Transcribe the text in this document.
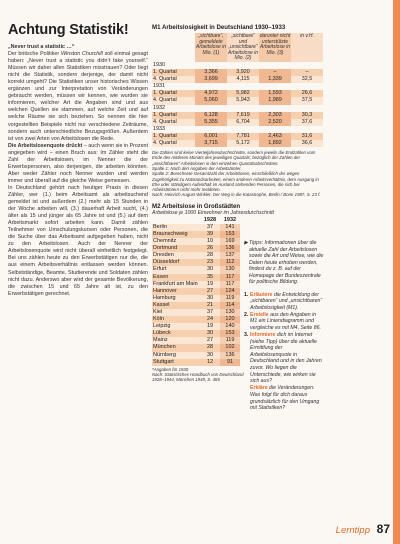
Achtung Statistik!

„Never trust a statistic …“
Der britische Politiker Winston Churchill soll einmal gesagt haben: „Never trust a statistic you didn’t fake yourself.“ Müssen wir daher allen Statistiken misstrauen? Oder liegt nicht die Statistik, sondern derjenige, der damit nicht korrekt umgeht? Die Statistiken unser historisches Wissen ergänzen und zur Interpretation von Veränderungen gebraucht werden, müssen wir kennen, wie wurden sie informieren, welcher Art die Angaben sind und aus welchen Quellen sie stammen, auf welche Zeit und auf welche Räume sie sich beziehen. So nennen die hier vorgestellten Beispiele nicht nur verschiedene Zeiträume, sondern auch unterschiedliche Bezugsgrößen. Außerdem ist von zwei Arten von Arbeitslosen die Rede.

Die Arbeitslosenquote drückt – auch wenn sie in Prozent angegeben wird – einen Bruch aus: Im Zähler steht die Zahl der Arbeitslosen, im Nenner die der Erwerbspersonen, also derjenigen, die arbeiten könnten. Aber weder Zähler noch Nenner wurden und werden immer und überall auf die gleiche Weise gemessen.

In Deutschland gehört nach heutiger Praxis in diesen Zähler, wer (1.) beim Arbeitsamt als arbeitsuchend gemeldet ist und außerdem (2.) mehr als 15 Stunden in der Woche arbeiten will, (3.) dauerhaft Arbeit sucht, (4.) älter als 15 und jünger als 65 Jahre ist und (5.) auf dem Arbeitsmarkt sofort arbeiten kann. Damit zählen Teilnehmer von Umschulungskursen oder Personen, die die Suche über das Arbeitsamt aufgegeben haben, nicht zu den Arbeitslosen. Auch der Nenner der Arbeitslosenquote wird nicht überall einheitlich festgelegt. Bei uns zählen heute zu den Erwerbstätigen nur die, die aus einem Arbeitsverhältnis entlassen werden können. Selbstständige, Beamte, Studierende und Soldaten zählen nicht dazu. Anderswo aber wird der gesamte Bevölkerung, die zwischen 15 und 65 Jahre alt ist, zu den Erwerbstätigen gerechnet.

M1 Arbeitslosigkeit in Deutschland 1930–1933
	„sichtbare“, gemeldete Arbeitslose in Mio. (1)	„sichtbare“ und „unsichtbare“ Arbeitslose in Mio. (2)	darunter nicht unterstützte Arbeitslose in Mio. (3)	in v.H.
1930				
1. Quartal	3,366	3,920	–	–
4. Quartal	3,699	4,115	1,339	32,5
1931				
1. Quartal	4,972	5,982	1,593	26,6
4. Quartal	5,060	5,943	1,989	37,5
1932				
1. Quartal	6,128	7,619	2,303	30,3
4. Quartal	5,355	6,704	2,520	37,6
1933				
1. Quartal	6,001	7,781	2,463	31,6
4. Quartal	3,715	5,172	1,892	36,6
Die Zahlen sind keine Vierteljahresdurchschnitte, sondern jeweils die Endzahlen vom Ende des mittleren Monats des jeweiligen Quartals; bezüglich der Zahlen der „unsichtbaren“ Arbeitslosen in den einzelnen Quartalsabschnitten.
Spalte 1: Nach den Angaben der Arbeitsämter.
Spalte 2: Berechnete Gesamtzahl der Arbeitslosen, einschließlich der wegen Zugehörigkeit zu Notstandsarbeiten, einem anderen Arbeitsverhältnis, dem Ausgang in Ehe oder ständigem Aufenthalt im Ausland stehenden Personen, die sich bei Arbeitsämtern nicht mehr meldeten.
Nach: Heinrich August Winkler, Der Weg in die Katastrophe, Berlin / Bonn 1987, S. 23 f.
M2 Arbeitslose in Großstädten
Arbeitslose je 1000 Einwohner im Jahresdurchschnitt
	1928	1932
Berlin	37	141
Braunschweig	39	153
Chemnitz	10	169
Dortmund	26	136
Dresden	28	137
Düsseldorf	23	112
Erfurt	30	130
Essen	35	117
Frankfurt am Main	19	117
Hannover	27	124
Hamburg	30	119
Kassel	21	114
Kiel	37	130
Köln	24	120
Leipzig	19	140
Lübeck	30	153
Mainz	27	119
München	28	102
Nürnberg	30	136
Stuttgart	12	91
*Angaben für 1930
Nach: Statistisches Handbuch von Deutschland 1928–1944, München 1949, S. 485
▶ Tipps: Informationen über die aktuelle Zahl der Arbeitslosen sowie die Art und Weise, wie die Daten heute erhoben werden, findest du z. B. auf der Homepage der Bundeszentrale für politische Bildung.
1. Erläutere die Entwicklung der „sichtbaren“ und „unsichtbaren“ Arbeitslosigkeit (M1).
2. Erstelle aus den Angaben in M1 ein Liniendiagramm und vergleiche es mit M4, Seite 86.
3. Informiere dich im Internet (siehe Tipp) über die aktuelle Ermittlung der Arbeitslosenquote in Deutschland und in den Jahren zuvor. Wo liegen die Unterschiede, wie wirken sie sich aus?
Erkläre die Veränderungen. Was folgt für dich daraus grundsätzlich für den Umgang mit Statistiken?
Lerntipp 87
